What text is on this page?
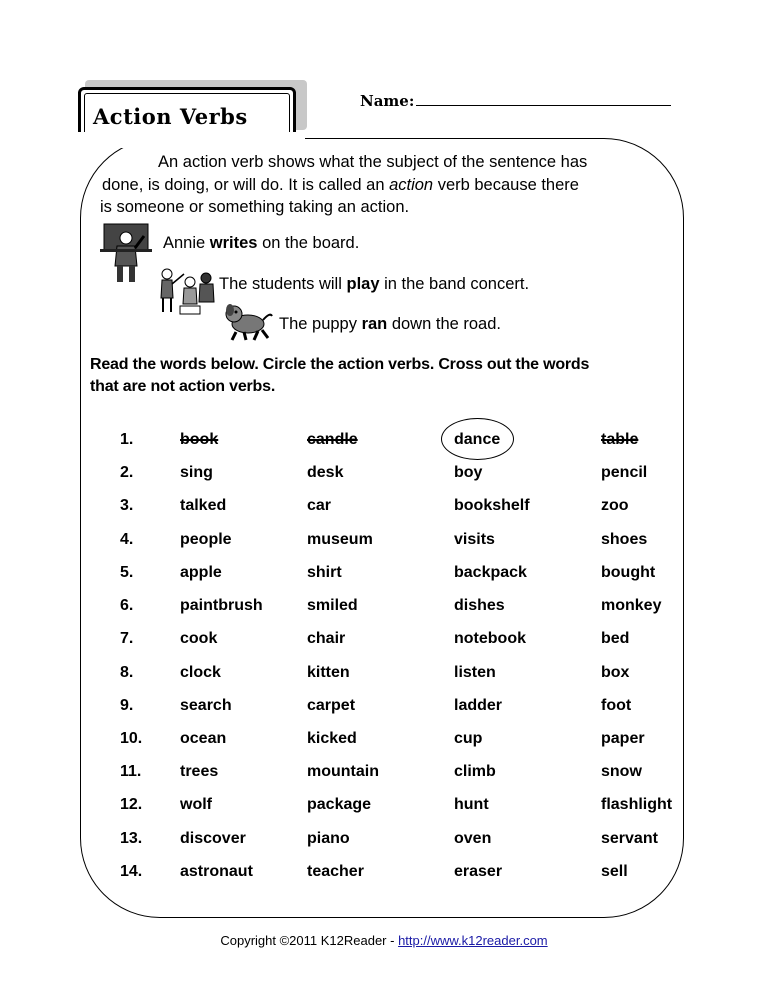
Action Verbs
Name:

An action verb shows what the subject of the sentence has

done, is doing, or will do. It is called an action verb because there

is someone or something taking an action.

Annie writes on the board.
The students will play in the band concert.
The puppy ran down the road.
Read the words below. Circle the action verbs. Cross out the words
that are not action verbs.
1.	book	candle	dance	table
2.	sing	desk	boy	pencil
3.	talked	car	bookshelf	zoo
4.	people	museum	visits	shoes
5.	apple	shirt	backpack	bought
6.	paintbrush	smiled	dishes	monkey
7.	cook	chair	notebook	bed
8.	clock	kitten	listen	box
9.	search	carpet	ladder	foot
10. ocean	kicked	cup	paper
11. trees	mountain	climb	snow
12. wolf	package	hunt	flashlight
13. discover	piano	oven	servant
14. astronaut	teacher	eraser	sell
Copyright ©2011 K12Reader - http://www.k12reader.com
